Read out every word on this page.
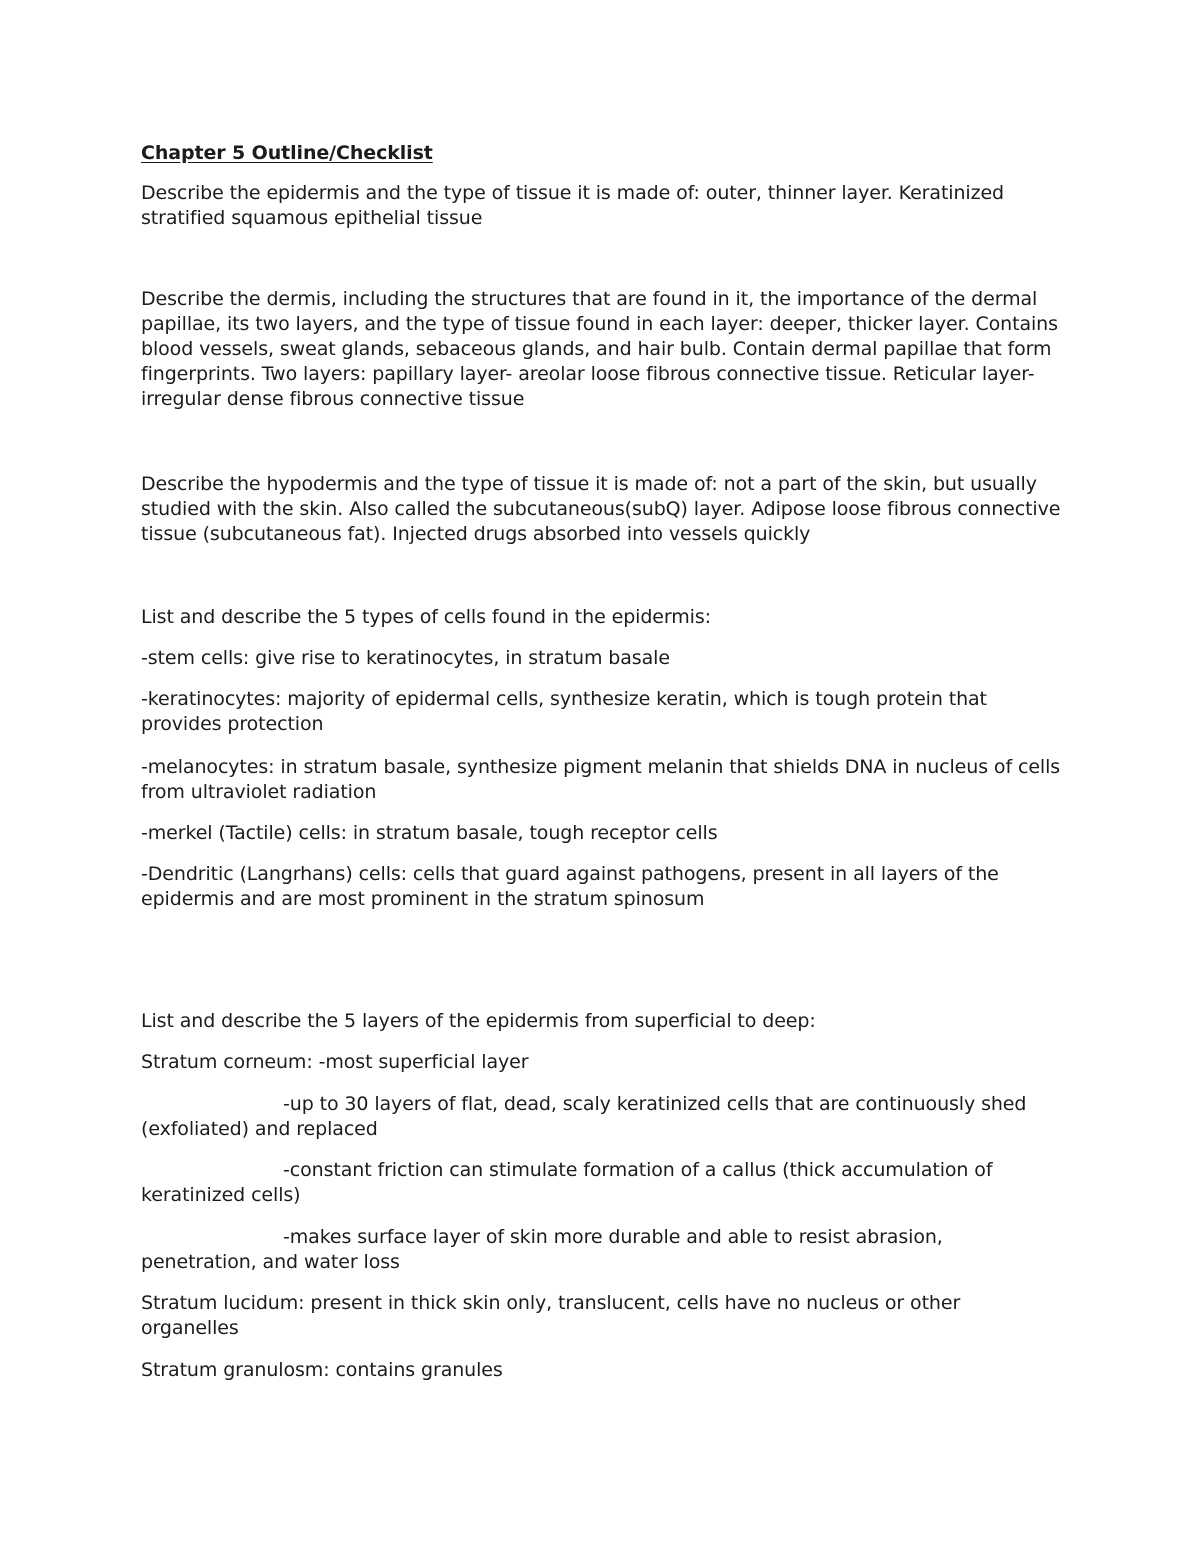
Chapter 5 Outline/Checklist

Describe the epidermis and the type of tissue it is made of: outer, thinner layer. Keratinized stratified squamous epithelial tissue

Describe the dermis, including the structures that are found in it, the importance of the dermal papillae, its two layers, and the type of tissue found in each layer: deeper, thicker layer. Contains blood vessels, sweat glands, sebaceous glands, and hair bulb. Contain dermal papillae that form fingerprints. Two layers: papillary layer- areolar loose fibrous connective tissue. Reticular layer- irregular dense fibrous connective tissue

Describe the hypodermis and the type of tissue it is made of: not a part of the skin, but usually studied with the skin. Also called the subcutaneous(subQ) layer. Adipose loose fibrous connective tissue (subcutaneous fat). Injected drugs absorbed into vessels quickly

List and describe the 5 types of cells found in the epidermis:

-stem cells: give rise to keratinocytes, in stratum basale

-keratinocytes: majority of epidermal cells, synthesize keratin, which is tough protein that provides protection

-melanocytes: in stratum basale, synthesize pigment melanin that shields DNA in nucleus of cells from ultraviolet radiation

-merkel (Tactile) cells: in stratum basale, tough receptor cells

-Dendritic (Langrhans) cells: cells that guard against pathogens, present in all layers of the epidermis and are most prominent in the stratum spinosum

List and describe the 5 layers of the epidermis from superficial to deep:

Stratum corneum: -most superficial layer

-up to 30 layers of flat, dead, scaly keratinized cells that are continuously shed (exfoliated) and replaced

-constant friction can stimulate formation of a callus (thick accumulation of keratinized cells)

-makes surface layer of skin more durable and able to resist abrasion, penetration, and water loss

Stratum lucidum: present in thick skin only, translucent, cells have no nucleus or other organelles

Stratum granulosm: contains granules
